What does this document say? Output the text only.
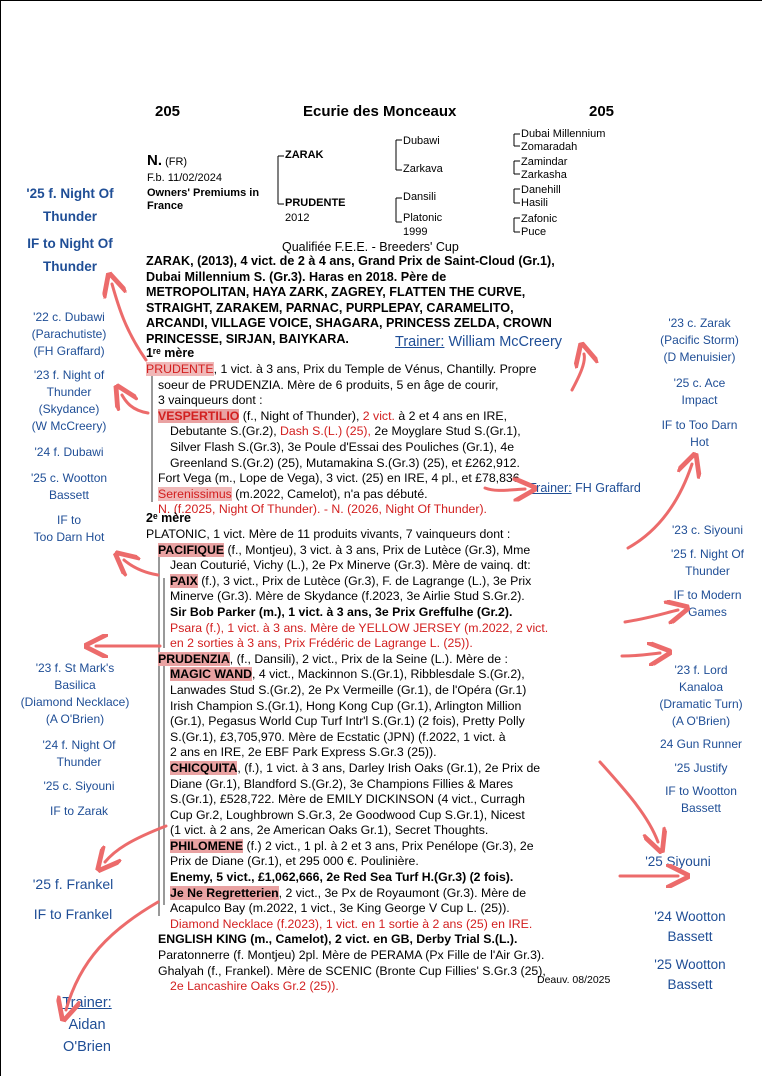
205	Ecurie des Monceaux	205
N. (FR)
F.b. 11/02/2024
Owners' Premiums in
France
ZARAK
PRUDENTE
2012
Dubawi
Zarkava
Dansili
Platonic
1999
Dubai Millennium
Zomaradah
Zamindar
Zarkasha
Danehill
Hasili
Zafonic
Puce
Qualifiée F.E.E. - Breeders' Cup
ZARAK, (2013), 4 vict. de 2 à 4 ans, Grand Prix de Saint-Cloud (Gr.1),
Dubai Millennium S. (Gr.3). Haras en 2018. Père de
METROPOLITAN, HAYA ZARK, ZAGREY, FLATTEN THE CURVE,
STRAIGHT, ZARAKEM, PARNAC, PURPLEPAY, CARAMELITO,
ARCANDI, VILLAGE VOICE, SHAGARA, PRINCESS ZELDA, CROWN
PRINCESSE, SIRJAN, BAIYKARA.
1ʳᵉ mère
PRUDENTE, 1 vict. à 3 ans, Prix du Temple de Vénus, Chantilly. Propre
soeur de PRUDENZIA. Mère de 6 produits, 5 en âge de courir,
3 vainqueurs dont :
VESPERTILIO (f., Night of Thunder), 2 vict. à 2 et 4 ans en IRE,
Debutante S.(Gr.2), Dash S.(L.) (25), 2e Moyglare Stud S.(Gr.1),
Silver Flash S.(Gr.3), 3e Poule d'Essai des Pouliches (Gr.1), 4e
Greenland S.(Gr.2) (25), Mutamakina S.(Gr.3) (25), et £262,912.
Fort Vega (m., Lope de Vega), 3 vict. (25) en IRE, 4 pl., et £78,836.
Serenissimus (m.2022, Camelot), n'a pas débuté.
N. (f.2025, Night Of Thunder). - N. (2026, Night Of Thunder).
2ᵉ mère
PLATONIC, 1 vict. Mère de 11 produits vivants, 7 vainqueurs dont :
PACIFIQUE (f., Montjeu), 3 vict. à 3 ans, Prix de Lutèce (Gr.3), Mme
Jean Couturié, Vichy (L.), 2e Px Minerve (Gr.3). Mère de vainq. dt:
PAIX (f.), 3 vict., Prix de Lutèce (Gr.3), F. de Lagrange (L.), 3e Prix
Minerve (Gr.3). Mère de Skydance (f.2023, 3e Airlie Stud S.Gr.2).
Sir Bob Parker (m.), 1 vict. à 3 ans, 3e Prix Greffulhe (Gr.2).
Psara (f.), 1 vict. à 3 ans. Mère de YELLOW JERSEY (m.2022, 2 vict.
en 2 sorties à 3 ans, Prix Frédéric de Lagrange L. (25)).
PRUDENZIA, (f., Dansili), 2 vict., Prix de la Seine (L.). Mère de :
MAGIC WAND, 4 vict., Mackinnon S.(Gr.1), Ribblesdale S.(Gr.2),
Lanwades Stud S.(Gr.2), 2e Px Vermeille (Gr.1), de l'Opéra (Gr.1)
Irish Champion S.(Gr.1), Hong Kong Cup (Gr.1), Arlington Million
(Gr.1), Pegasus World Cup Turf Intr'l S.(Gr.1) (2 fois), Pretty Polly
S.(Gr.1), £3,705,970. Mère de Ecstatic (JPN) (f.2022, 1 vict. à
2 ans en IRE, 2e EBF Park Express S.Gr.3 (25)).
CHICQUITA, (f.), 1 vict. à 3 ans, Darley Irish Oaks (Gr.1), 2e Prix de
Diane (Gr.1), Blandford S.(Gr.2), 3e Champions Fillies & Mares
S.(Gr.1), £528,722. Mère de EMILY DICKINSON (4 vict., Curragh
Cup Gr.2, Loughbrown S.Gr.3, 2e Goodwood Cup S.Gr.1), Nicest
(1 vict. à 2 ans, 2e American Oaks Gr.1), Secret Thoughts.
PHILOMENE (f.) 2 vict., 1 pl. à 2 et 3 ans, Prix Penélope (Gr.3), 2e
Prix de Diane (Gr.1), et 295 000 €. Poulinière.
Enemy, 5 vict., £1,062,666, 2e Red Sea Turf H.(Gr.3) (2 fois).
Je Ne Regretterien, 2 vict., 3e Px de Royaumont (Gr.3). Mère de
Acapulco Bay (m.2022, 1 vict., 3e King George V Cup L. (25)).
Diamond Necklace (f.2023), 1 vict. en 1 sortie à 2 ans (25) en IRE.
ENGLISH KING (m., Camelot), 2 vict. en GB, Derby Trial S.(L.).
Paratonnerre (f. Montjeu) 2pl. Mère de PERAMA (Px Fille de l'Air Gr.3).
Ghalyah (f., Frankel). Mère de SCENIC (Bronte Cup Fillies' S.Gr.3 (25),
2e Lancashire Oaks Gr.2 (25)).	Deauv. 08/2025
Trainer: William McCreery
Trainer: FH Graffard
'25 f. Night Of Thunder
IF to Night Of Thunder
'22 c. Dubawi
(Parachutiste)
(FH Graffard)
'23 f. Night of
Thunder
(Skydance)
(W McCreery)
'24 f. Dubawi
'25 c. Wootton
Bassett
IF to
Too Darn Hot
'23 f. St Mark's
Basilica
(Diamond Necklace)
(A O'Brien)
'24 f. Night Of
Thunder
'25 c. Siyouni
IF to Zarak
'25 f. Frankel
IF to Frankel
Trainer:
Aidan
O'Brien
'23 c. Zarak
(Pacific Storm)
(D Menuisier)
'25 c. Ace
Impact
IF to Too Darn
Hot
'23 c. Siyouni
'25 f. Night Of
Thunder
IF to Modern
Games
'23 f. Lord
Kanaloa
(Dramatic Turn)
(A O'Brien)
24 Gun Runner
'25 Justify
IF to Wootton
Bassett
'25 Siyouni
'24 Wootton
Bassett
'25 Wootton
Bassett
